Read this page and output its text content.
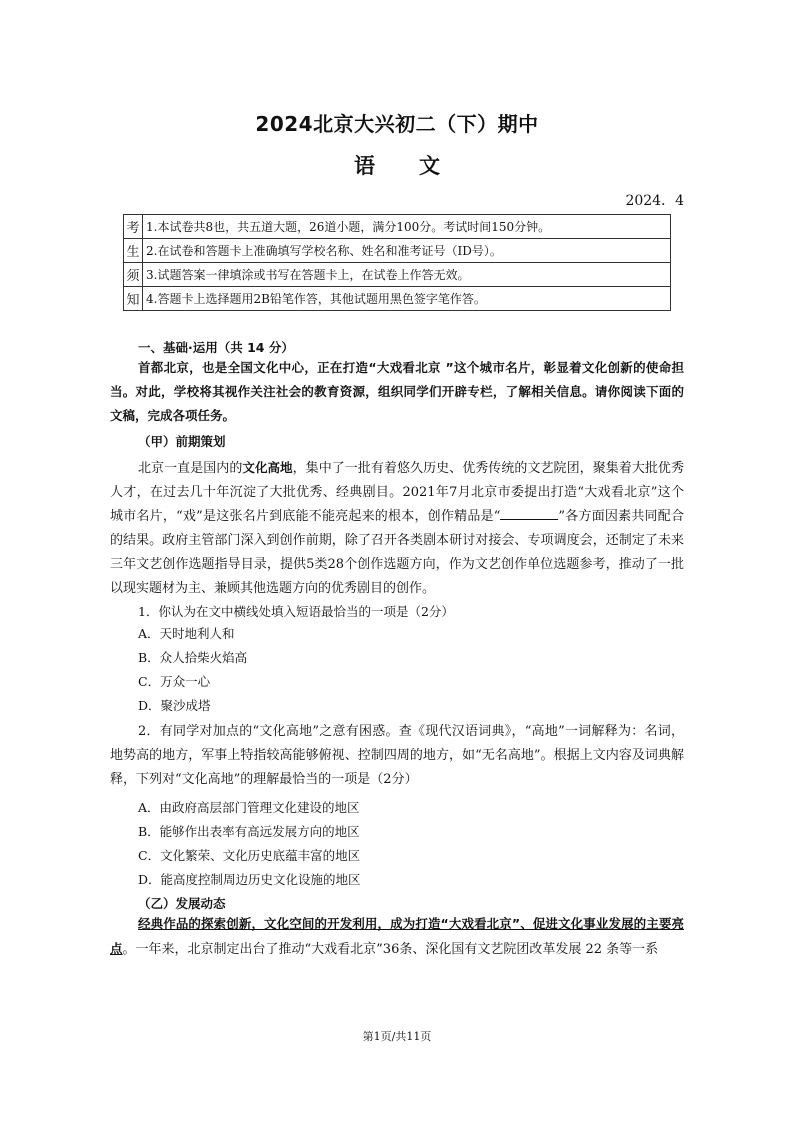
2024北京大兴初二（下）期中
语文
2024．4
考	1.本试卷共8也，共五道大题，26道小题，满分100分。考试时间150分钟。
生	2.在试卷和答题卡上准确填写学校名称、姓名和准考证号（ID号）。
须	3.试题答案一律填涂或书写在答题卡上，在试卷上作答无效。
知	4.答题卡上选择题用2B铅笔作答，其他试题用黑色签字笔作答。
一、基础·运用（共 14 分）
首都北京，也是全国文化中心，正在打造“大戏看北京 ”这个城市名片，彰显着文化创新的使命担当。对此，学校将其视作关注社会的教育资源，组织同学们开辟专栏，了解相关信息。请你阅读下面的文稿，完成各项任务。
（甲）前期策划
北京一直是国内的文化高地，集中了一批有着悠久历史、优秀传统的文艺院团，聚集着大批优秀人才，在过去几十年沉淀了大批优秀、经典剧目。2021年7月北京市委提出打造“大戏看北京”这个城市名片，“戏”是这张名片到底能不能亮起来的根本，创作精品是“	”各方面因素共同配合的结果。政府主管部门深入到创作前期，除了召开各类剧本研讨对接会、专项调度会，还制定了未来三年文艺创作选题指导目录，提供5类28个创作选题方向，作为文艺创作单位选题参考，推动了一批以现实题材为主、兼顾其他选题方向的优秀剧目的创作。
1．你认为在文中横线处填入短语最恰当的一项是（2分）
A．天时地利人和
B．众人拾柴火焰高
C．万众一心
D．聚沙成塔
2．有同学对加点的“文化高地”之意有困惑。查《现代汉语词典》，“高地”一词解释为：名词，地势高的地方，军事上特指较高能够俯视、控制四周的地方，如“无名高地”。根据上文内容及词典解释，下列对“文化高地”的理解最恰当的一项是（2分）
A．由政府高层部门管理文化建设的地区
B．能够作出表率有高远发展方向的地区
C．文化繁荣、文化历史底蕴丰富的地区
D．能高度控制周边历史文化设施的地区
（乙）发展动态
经典作品的探索创新，文化空间的开发利用，成为打造“大戏看北京”、促进文化事业发展的主要亮点。一年来，北京制定出台了推动“大戏看北京”36条、深化国有文艺院团改革发展 22 条等一系
第1页/共11页
